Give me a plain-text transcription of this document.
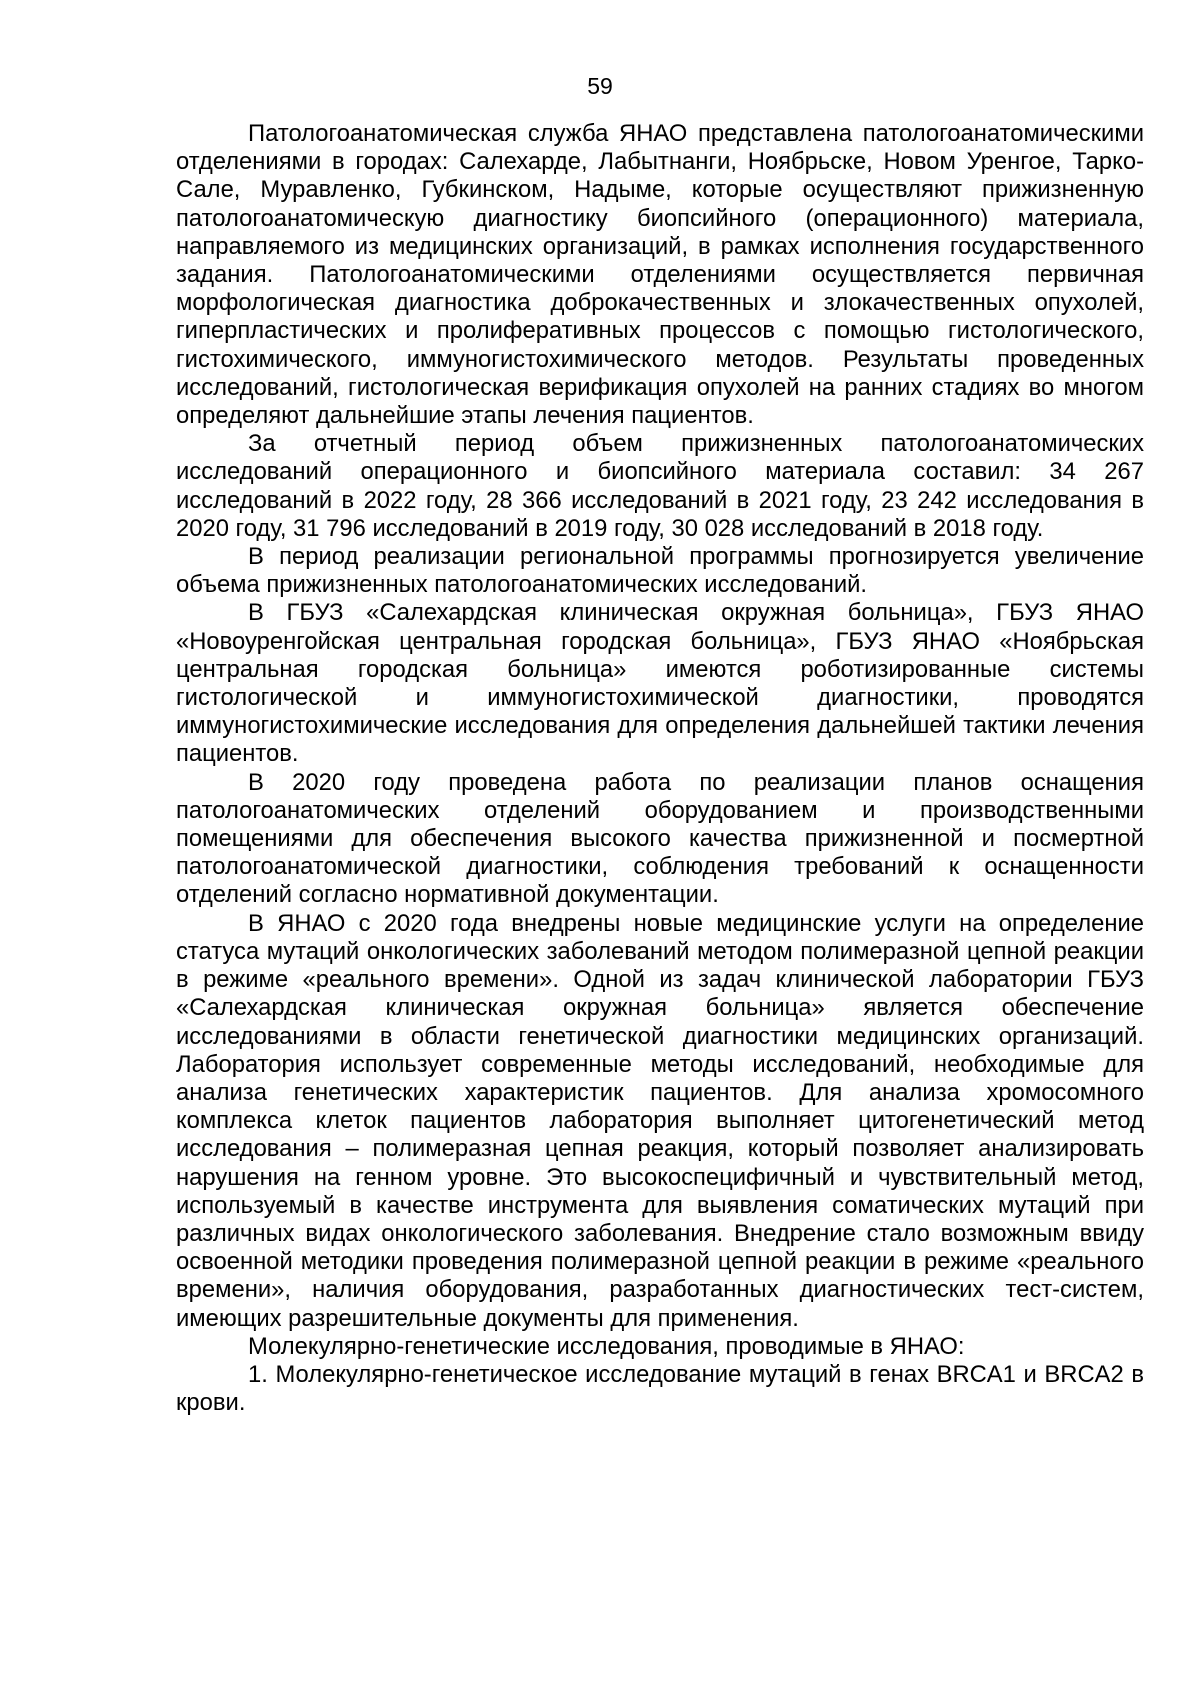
59

Патологоанатомическая служба ЯНАО представлена патологоанатомическими отделениями в городах: Салехарде, Лабытнанги, Ноябрьске, Новом Уренгое, Тарко-Сале, Муравленко, Губкинском, Надыме, которые осуществляют прижизненную патологоанатомическую диагностику биопсийного (операционного) материала, направляемого из медицинских организаций, в рамках исполнения государственного задания. Патологоанатомическими отделениями осуществляется первичная морфологическая диагностика доброкачественных и злокачественных опухолей, гиперпластических и пролиферативных процессов с помощью гистологического, гистохимического, иммуногистохимического методов. Результаты проведенных исследований, гистологическая верификация опухолей на ранних стадиях во многом определяют дальнейшие этапы лечения пациентов.

За отчетный период объем прижизненных патологоанатомических исследований операционного и биопсийного материала составил: 34 267 исследований в 2022 году, 28 366 исследований в 2021 году, 23 242 исследования в 2020 году, 31 796 исследований в 2019 году, 30 028 исследований в 2018 году.

В период реализации региональной программы прогнозируется увеличение объема прижизненных патологоанатомических исследований.

В ГБУЗ «Салехардская клиническая окружная больница», ГБУЗ ЯНАО «Новоуренгойская центральная городская больница», ГБУЗ ЯНАО «Ноябрьская центральная городская больница» имеются роботизированные системы гистологической и иммуногистохимической диагностики, проводятся иммуногистохимические исследования для определения дальнейшей тактики лечения пациентов.

В 2020 году проведена работа по реализации планов оснащения патологоанатомических отделений оборудованием и производственными помещениями для обеспечения высокого качества прижизненной и посмертной патологоанатомической диагностики, соблюдения требований к оснащенности отделений согласно нормативной документации.

В ЯНАО с 2020 года внедрены новые медицинские услуги на определение статуса мутаций онкологических заболеваний методом полимеразной цепной реакции в режиме «реального времени». Одной из задач клинической лаборатории ГБУЗ «Салехардская клиническая окружная больница» является обеспечение исследованиями в области генетической диагностики медицинских организаций. Лаборатория использует современные методы исследований, необходимые для анализа генетических характеристик пациентов. Для анализа хромосомного комплекса клеток пациентов лаборатория выполняет цитогенетический метод исследования – полимеразная цепная реакция, который позволяет анализировать нарушения на генном уровне. Это высокоспецифичный и чувствительный метод, используемый в качестве инструмента для выявления соматических мутаций при различных видах онкологического заболевания. Внедрение стало возможным ввиду освоенной методики проведения полимеразной цепной реакции в режиме «реального времени», наличия оборудования, разработанных диагностических тест-систем, имеющих разрешительные документы для применения.

Молекулярно-генетические исследования, проводимые в ЯНАО:

1. Молекулярно-генетическое исследование мутаций в генах BRCA1 и BRCA2 в крови.
